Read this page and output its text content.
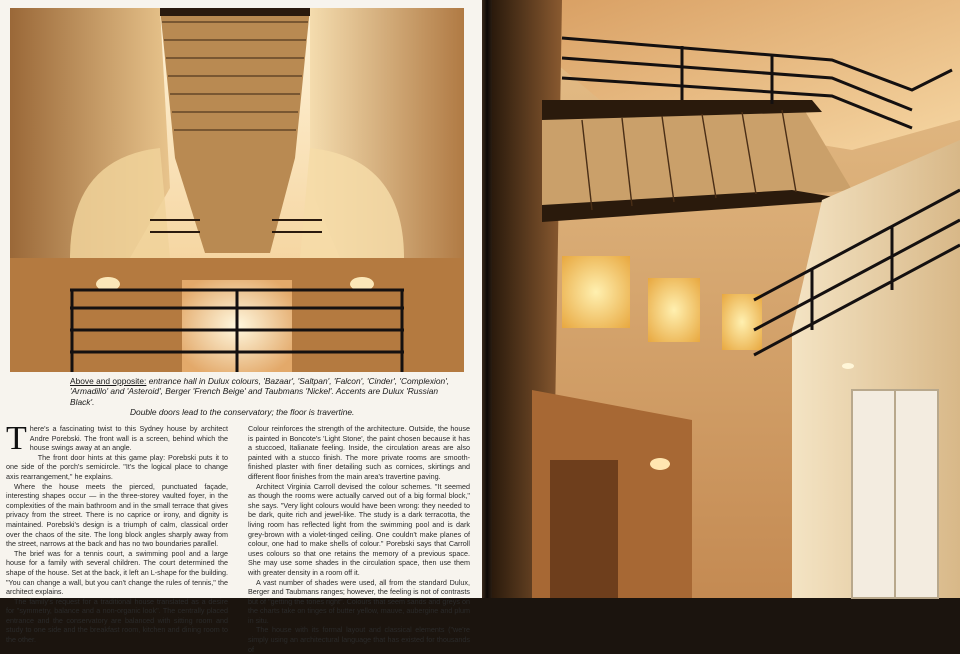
Above and opposite: entrance hall in Dulux colours, 'Bazaar', 'Saltpan', 'Falcon', 'Cinder', 'Complexion', 'Armadillo' and 'Asteroid', Berger 'French Beige' and Taubmans 'Nickel'. Accents are Dulux 'Russian Black'.
Double doors lead to the conservatory; the floor is travertine.

There's a fascinating twist to this Sydney house by architect Andre Porebski. The front wall is a screen, behind which the house swings away at an angle.

The front door hints at this game play: Porebski puts it to one side of the porch's semicircle. "It's the logical place to change axis rearrangement," he explains.

Where the house meets the pierced, punctuated façade, interesting shapes occur — in the three-storey vaulted foyer, in the complexities of the main bathroom and in the small terrace that gives privacy from the street. There is no caprice or irony, and dignity is maintained. Porebski's design is a triumph of calm, classical order over the chaos of the site. The long block angles sharply away from the street, narrows at the back and has no two boundaries parallel.

The brief was for a tennis court, a swimming pool and a large house for a family with several children. The court determined the shape of the house. Set at the back, it left an L-shape for the building. "You can change a wall, but you can't change the rules of tennis," the architect explains.

The family's request for a traditional house translated as a desire for "symmetry, balance and a non-organic look". The centrally placed entrance and the conservatory are balanced with sitting room and study to one side and the breakfast room, kitchen and dining room to the other.

Colour reinforces the strength of the architecture. Outside, the house is painted in Boncote's 'Light Stone', the paint chosen because it has a stuccoed, Italianate feeling. Inside, the circulation areas are also painted with a stucco finish. The more private rooms are smooth-finished plaster with finer detailing such as cornices, skirtings and different floor finishes from the main area's travertine paving.

Architect Virginia Carroll devised the colour schemes. "It seemed as though the rooms were actually carved out of a big formal block," she says. "Very light colours would have been wrong: they needed to be dark, quite rich and jewel-like. The study is a dark terracotta, the living room has reflected light from the swimming pool and is dark grey-brown with a violet-tinged ceiling. One couldn't make planes of colour, one had to make shells of colour." Porebski says that Carroll uses colours so that one retains the memory of a previous space. She may use some shades in the circulation space, then use them with greater density in a room off it.

A vast number of shades were used, all from the standard Dulux, Berger and Taubmans ranges; however, the feeling is not of contrasts but of "getting the tones right". Colours that seem sands and greys on the charts take on tinges of butter yellow, mauve, aubergine and plum in situ.

The house with its formal layout and classical elements ("we're simply using an architectural language that has existed for thousands of
